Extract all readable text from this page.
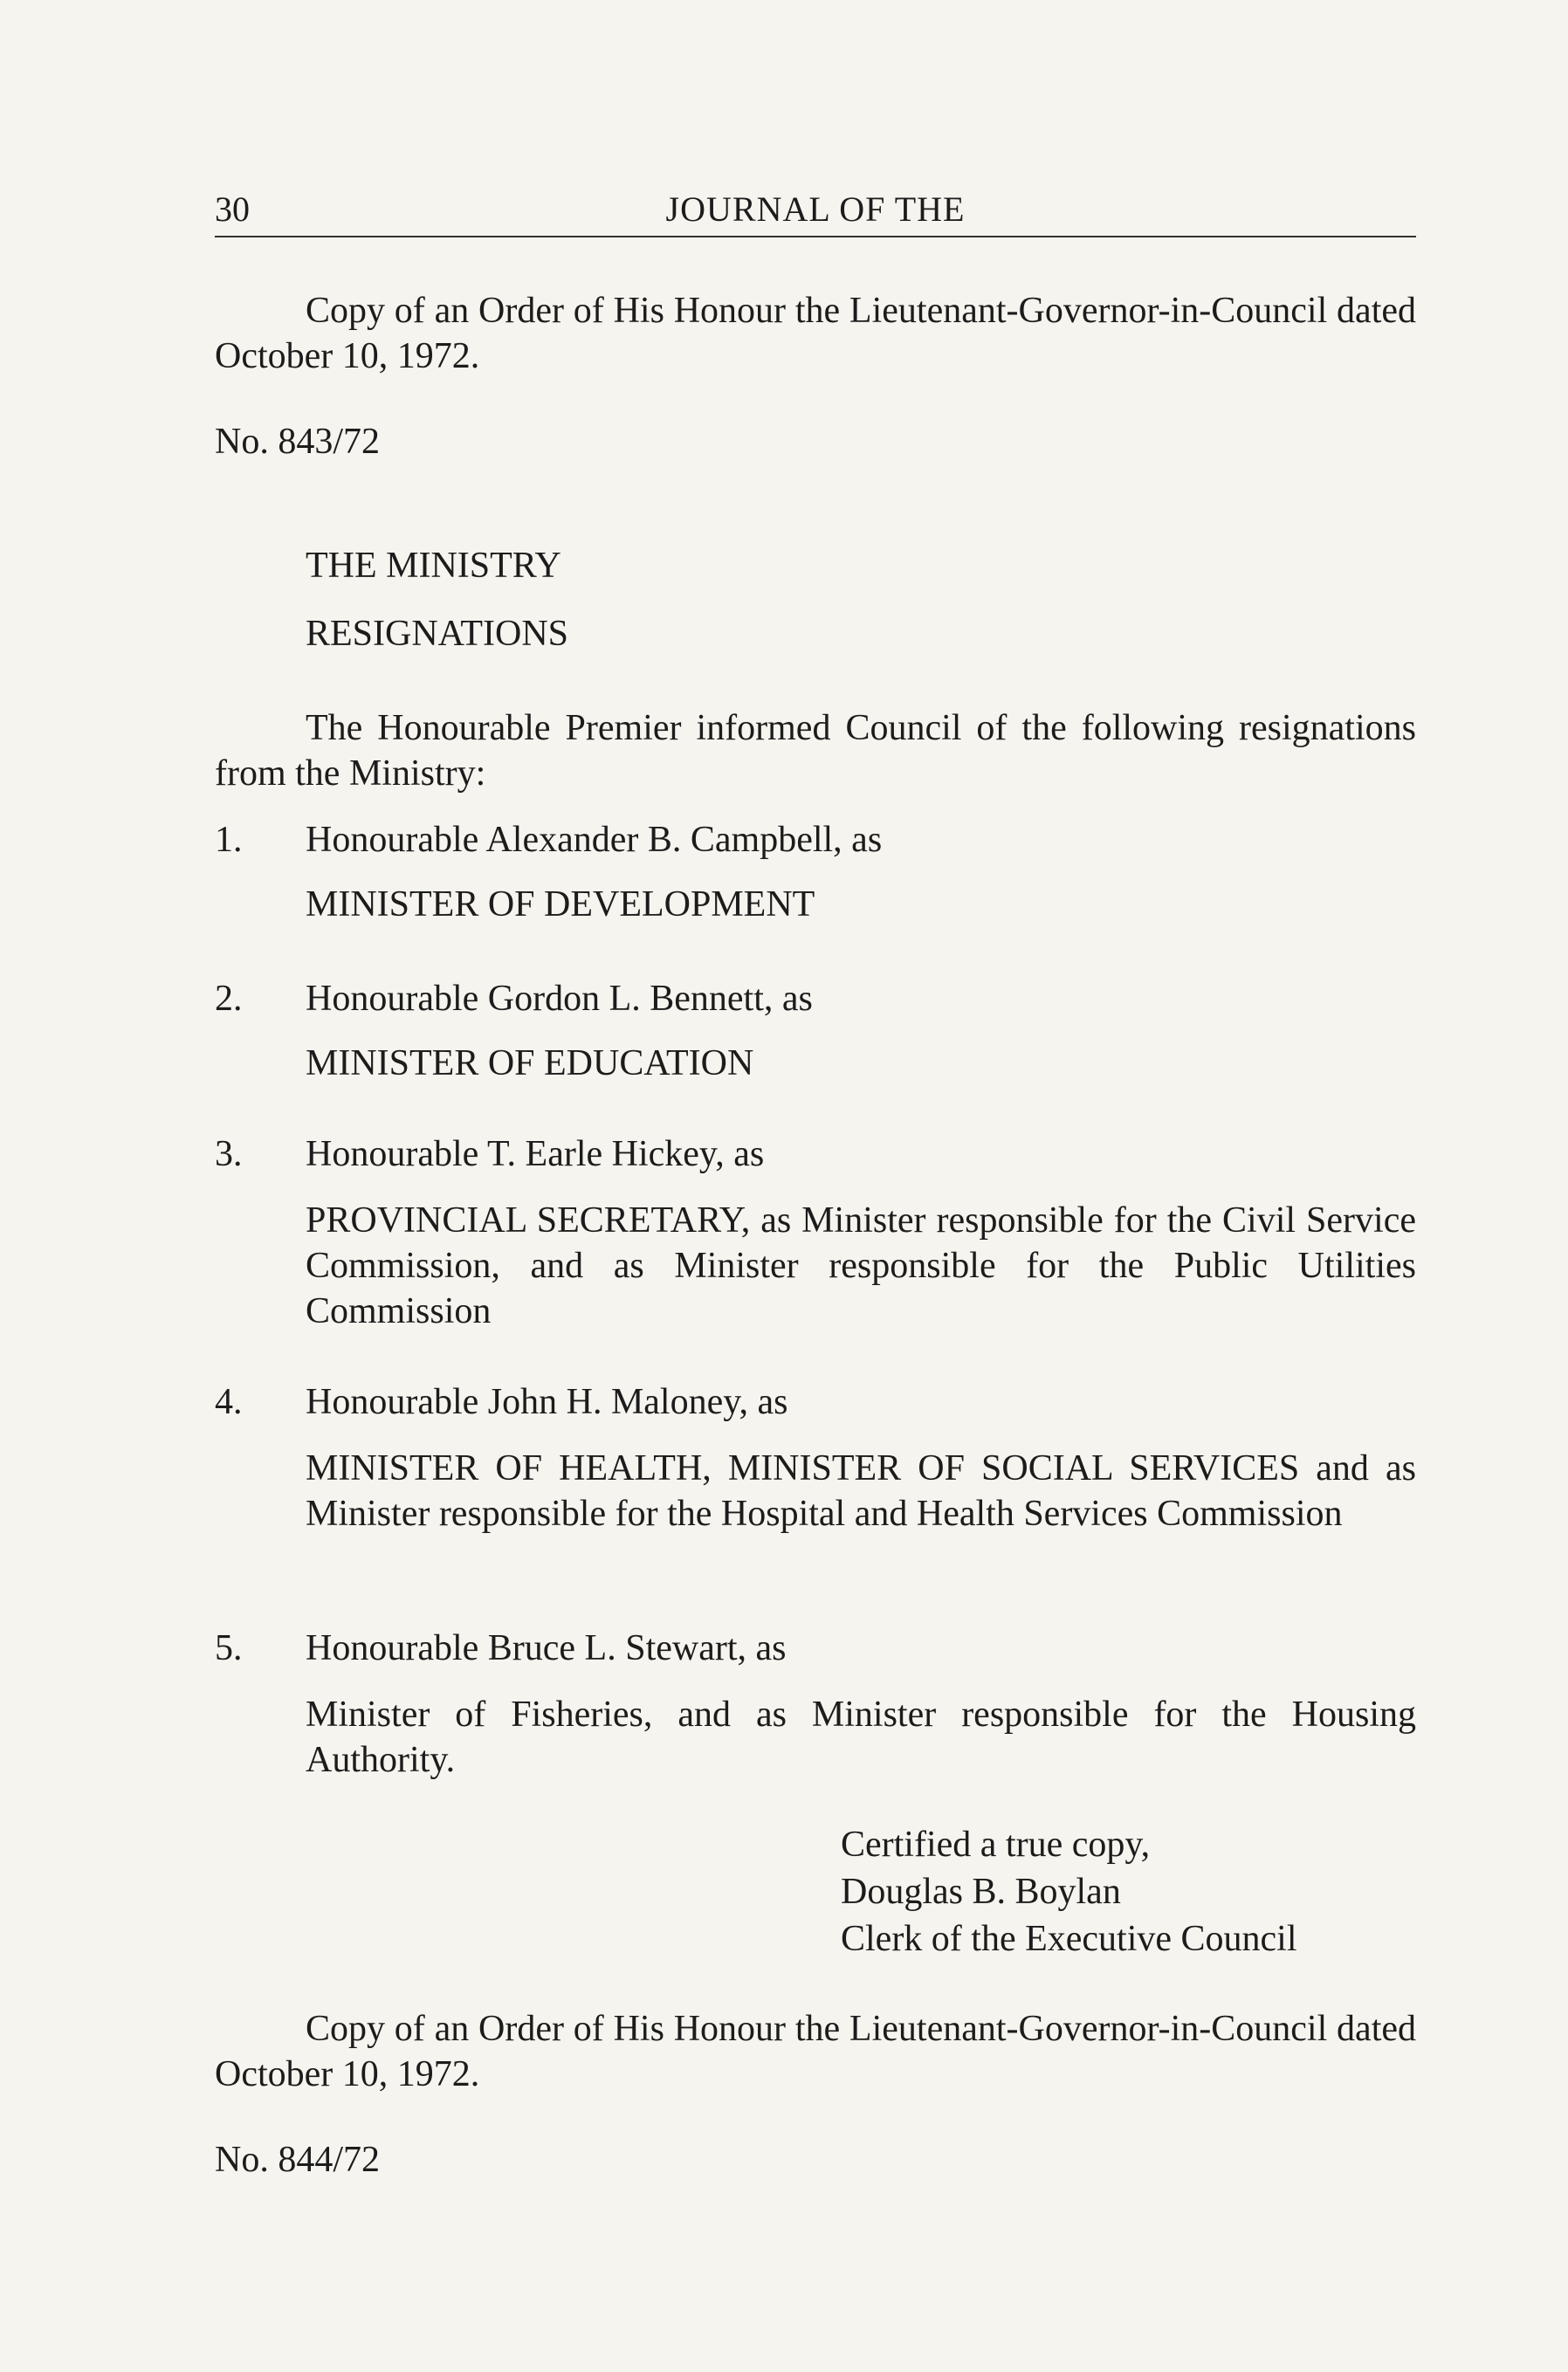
30	JOURNAL OF THE
Copy of an Order of His Honour the Lieutenant-Governor-in-Council dated October 10, 1972.
No. 843/72
THE MINISTRY
RESIGNATIONS
The Honourable Premier informed Council of the following resignations from the Ministry:
1. Honourable Alexander B. Campbell, as
MINISTER OF DEVELOPMENT
2. Honourable Gordon L. Bennett, as
MINISTER OF EDUCATION
3. Honourable T. Earle Hickey, as
PROVINCIAL SECRETARY, as Minister responsible for the Civil Service Commission, and as Minister responsible for the Public Utilities Commission
4. Honourable John H. Maloney, as
MINISTER OF HEALTH, MINISTER OF SOCIAL SERVICES and as Minister responsible for the Hospital and Health Services Commission
5. Honourable Bruce L. Stewart, as
Minister of Fisheries, and as Minister responsible for the Housing Authority.
Certified a true copy,
Douglas B. Boylan
Clerk of the Executive Council
Copy of an Order of His Honour the Lieutenant-Governor-in-Council dated October 10, 1972.
No. 844/72
